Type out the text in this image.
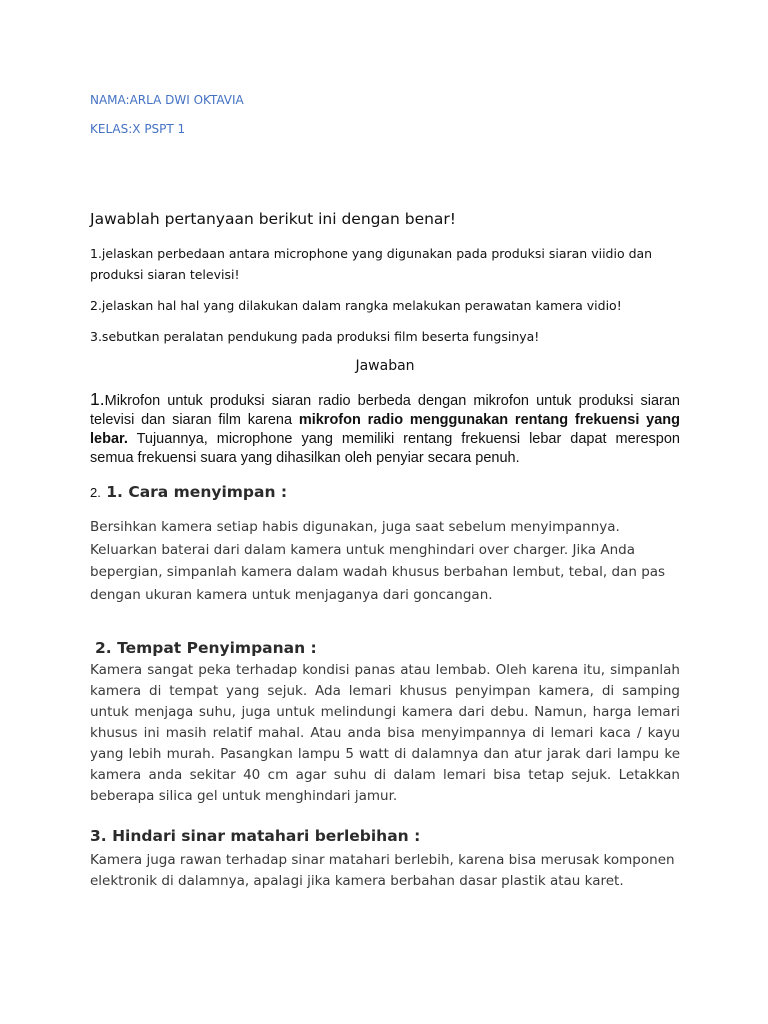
NAMA:ARLA DWI OKTAVIA
KELAS:X PSPT 1
Jawablah pertanyaan berikut ini dengan benar!
1.jelaskan perbedaan antara microphone yang digunakan pada produksi siaran viidio dan produksi siaran televisi!
2.jelaskan hal hal yang dilakukan dalam rangka melakukan perawatan kamera vidio!
3.sebutkan peralatan pendukung pada produksi film beserta fungsinya!
Jawaban
1.Mikrofon untuk produksi siaran radio berbeda dengan mikrofon untuk produksi siaran televisi dan siaran film karena mikrofon radio menggunakan rentang frekuensi yang lebar. Tujuannya, microphone yang memiliki rentang frekuensi lebar dapat merespon semua frekuensi suara yang dihasilkan oleh penyiar secara penuh.
2. 1. Cara menyimpan :
Bersihkan kamera setiap habis digunakan, juga saat sebelum menyimpannya. Keluarkan baterai dari dalam kamera untuk menghindari over charger. Jika Anda bepergian, simpanlah kamera dalam wadah khusus berbahan lembut, tebal, dan pas dengan ukuran kamera untuk menjaganya dari goncangan.
2. Tempat Penyimpanan :
Kamera sangat peka terhadap kondisi panas atau lembab. Oleh karena itu, simpanlah kamera di tempat yang sejuk. Ada lemari khusus penyimpan kamera, di samping untuk menjaga suhu, juga untuk melindungi kamera dari debu. Namun, harga lemari khusus ini masih relatif mahal. Atau anda bisa menyimpannya di lemari kaca / kayu yang lebih murah. Pasangkan lampu 5 watt di dalamnya dan atur jarak dari lampu ke kamera anda sekitar 40 cm agar suhu di dalam lemari bisa tetap sejuk. Letakkan beberapa silica gel untuk menghindari jamur.
3. Hindari sinar matahari berlebihan :
Kamera juga rawan terhadap sinar matahari berlebih, karena bisa merusak komponen elektronik di dalamnya, apalagi jika kamera berbahan dasar plastik atau karet.
